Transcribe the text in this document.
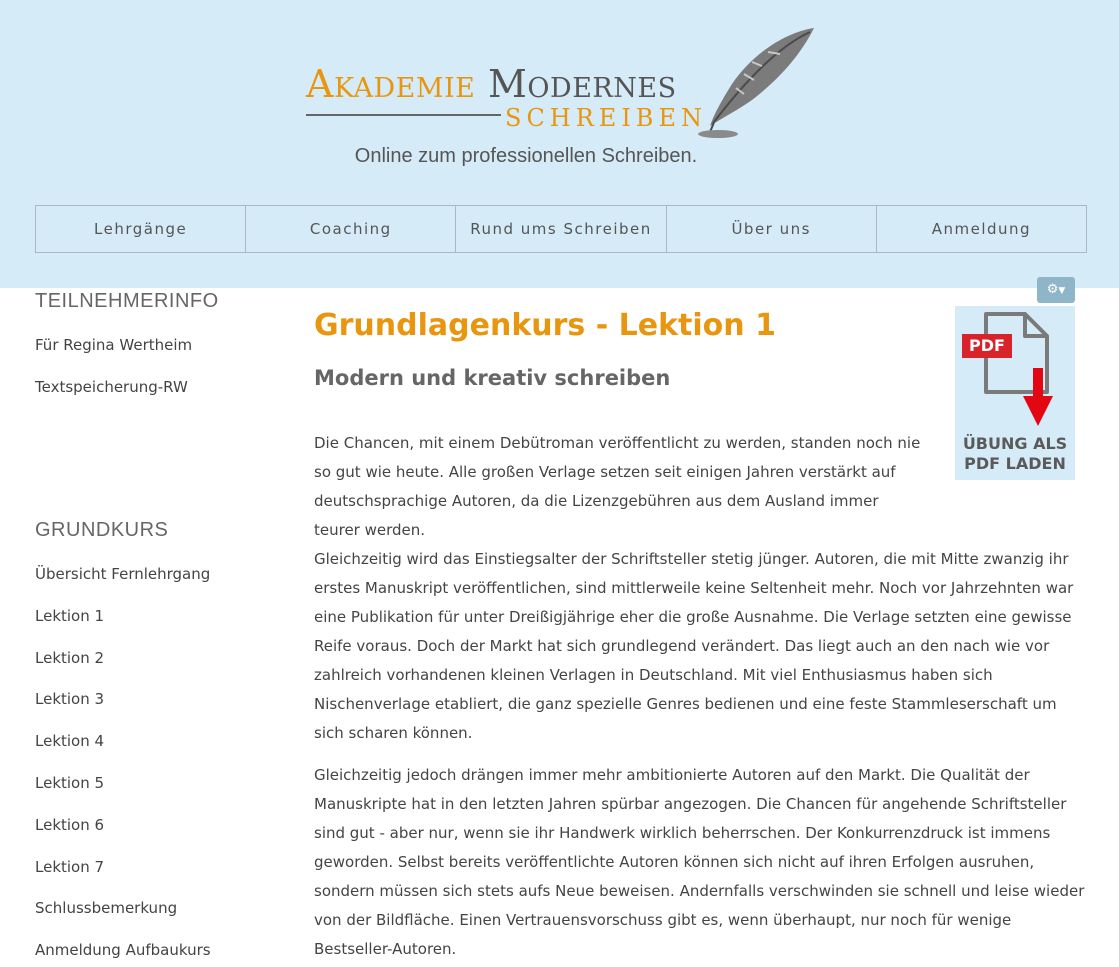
Akademie Modernes
SCHREIBEN
Online zum professionellen Schreiben.
Lehrgänge	Coaching	Rund ums Schreiben	Über uns	Anmeldung
TEILNEHMERINFO
Für Regina Wertheim
Textspeicherung-RW
GRUNDKURS
Übersicht Fernlehrgang
Lektion 1
Lektion 2
Lektion 3
Lektion 4
Lektion 5
Lektion 6
Lektion 7
Schlussbemerkung
Anmeldung Aufbaukurs
Grundlagenkurs - Lektion 1
Modern und kreativ schreiben

Die Chancen, mit einem Debütroman veröffentlicht zu werden, standen noch nie so gut wie heute. Alle großen Verlage setzen seit einigen Jahren verstärkt auf deutschsprachige Autoren, da die Lizenzgebühren aus dem Ausland immer teurer werden.

Gleichzeitig wird das Einstiegsalter der Schriftsteller stetig jünger. Autoren, die mit Mitte zwanzig ihr erstes Manuskript veröffentlichen, sind mittlerweile keine Seltenheit mehr. Noch vor Jahrzehnten war eine Publikation für unter Dreißigjährige eher die große Ausnahme. Die Verlage setzten eine gewisse Reife voraus. Doch der Markt hat sich grundlegend verändert. Das liegt auch an den nach wie vor zahlreich vorhandenen kleinen Verlagen in Deutschland. Mit viel Enthusiasmus haben sich Nischenverlage etabliert, die ganz spezielle Genres bedienen und eine feste Stammleserschaft um sich scharen können.

Gleichzeitig jedoch drängen immer mehr ambitionierte Autoren auf den Markt. Die Qualität der Manuskripte hat in den letzten Jahren spürbar angezogen. Die Chancen für angehende Schriftsteller sind gut - aber nur, wenn sie ihr Handwerk wirklich beherrschen. Der Konkurrenzdruck ist immens geworden. Selbst bereits veröffentlichte Autoren können sich nicht auf ihren Erfolgen ausruhen, sondern müssen sich stets aufs Neue beweisen. Andernfalls verschwinden sie schnell und leise wieder von der Bildfläche. Einen Vertrauensvorschuss gibt es, wenn überhaupt, nur noch für wenige Bestseller-Autoren.

⚙▼
PDF
ÜBUNG ALS
PDF LADEN
